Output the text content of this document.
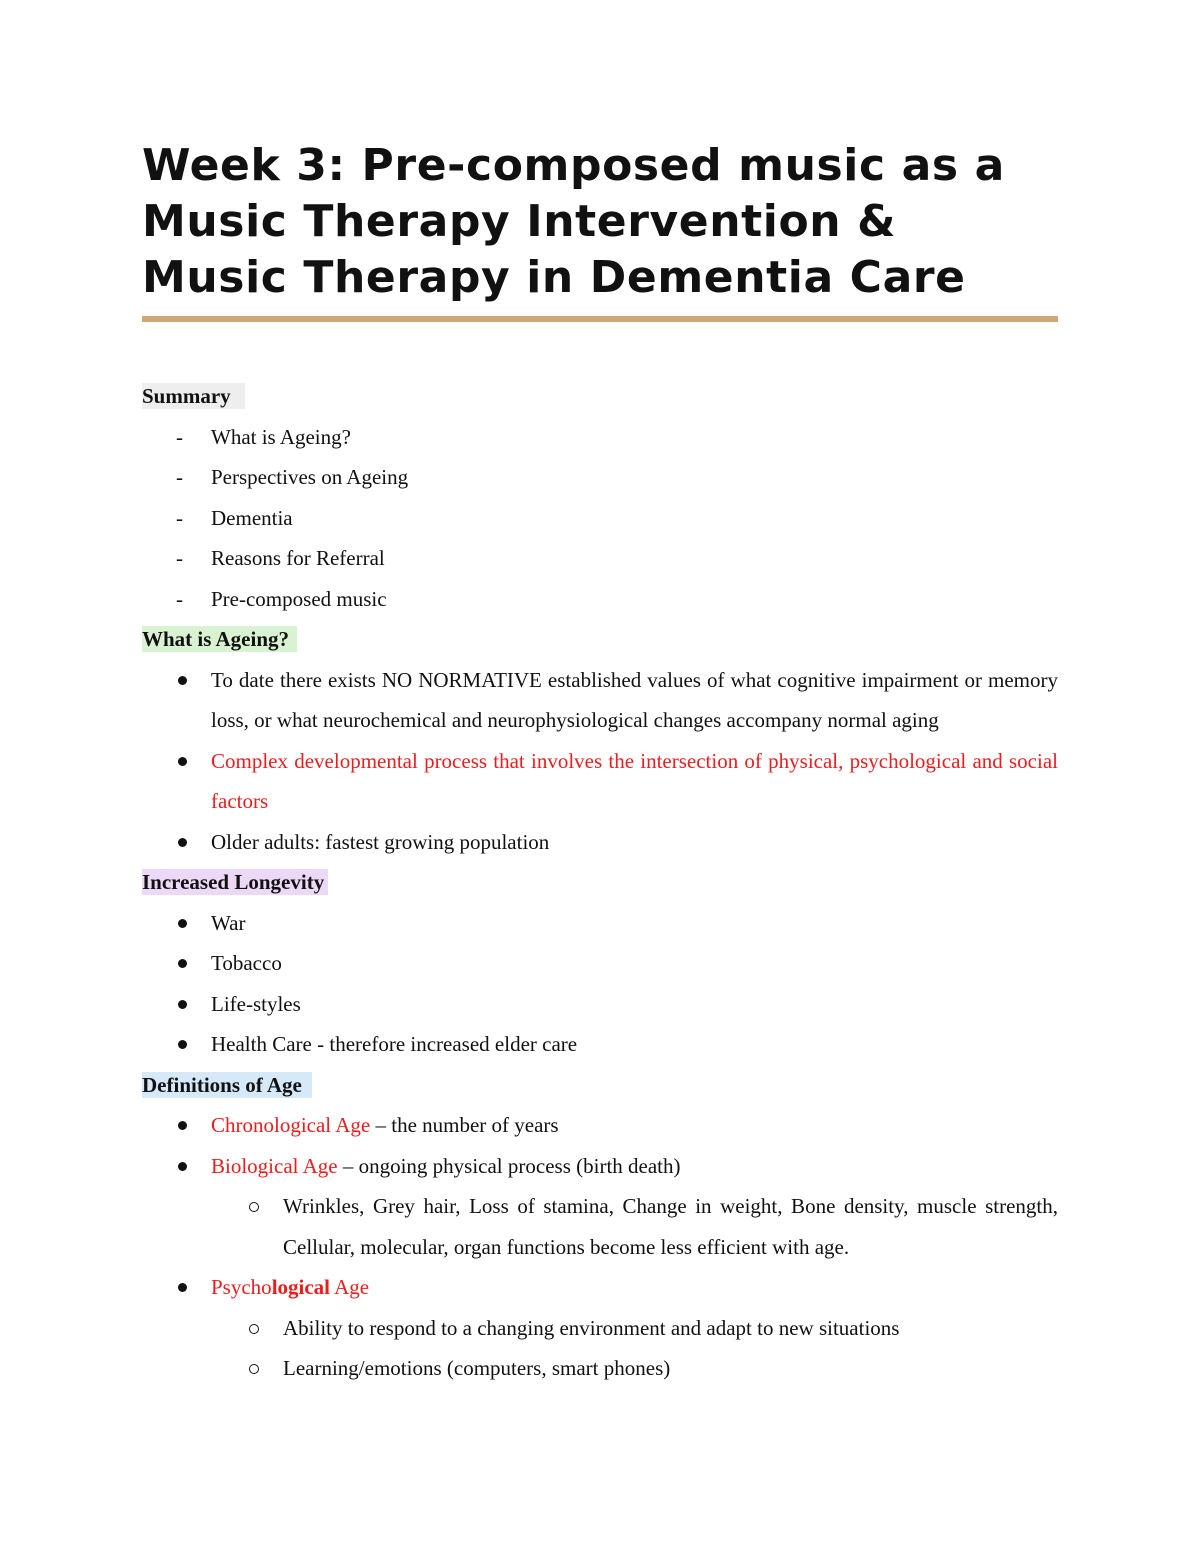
Week 3: Pre-composed music as a
Music Therapy Intervention &
Music Therapy in Dementia Care
Summary
-	What is Ageing?
-	Perspectives on Ageing
-	Dementia
-	Reasons for Referral
-	Pre-composed music
What is Ageing?
To date there exists NO NORMATIVE established values of what cognitive impairment or memory loss, or what neurochemical and neurophysiological changes accompany normal aging
Complex developmental process that involves the intersection of physical, psychological and social factors
Older adults: fastest growing population
Increased Longevity
War
Tobacco
Life-styles
Health Care - therefore increased elder care
Definitions of Age
Chronological Age – the number of years
Biological Age – ongoing physical process (birth death)
Wrinkles, Grey hair, Loss of stamina, Change in weight, Bone density, muscle strength, Cellular, molecular, organ functions become less efficient with age.
Psychological Age
Ability to respond to a changing environment and adapt to new situations
Learning/emotions (computers, smart phones)
